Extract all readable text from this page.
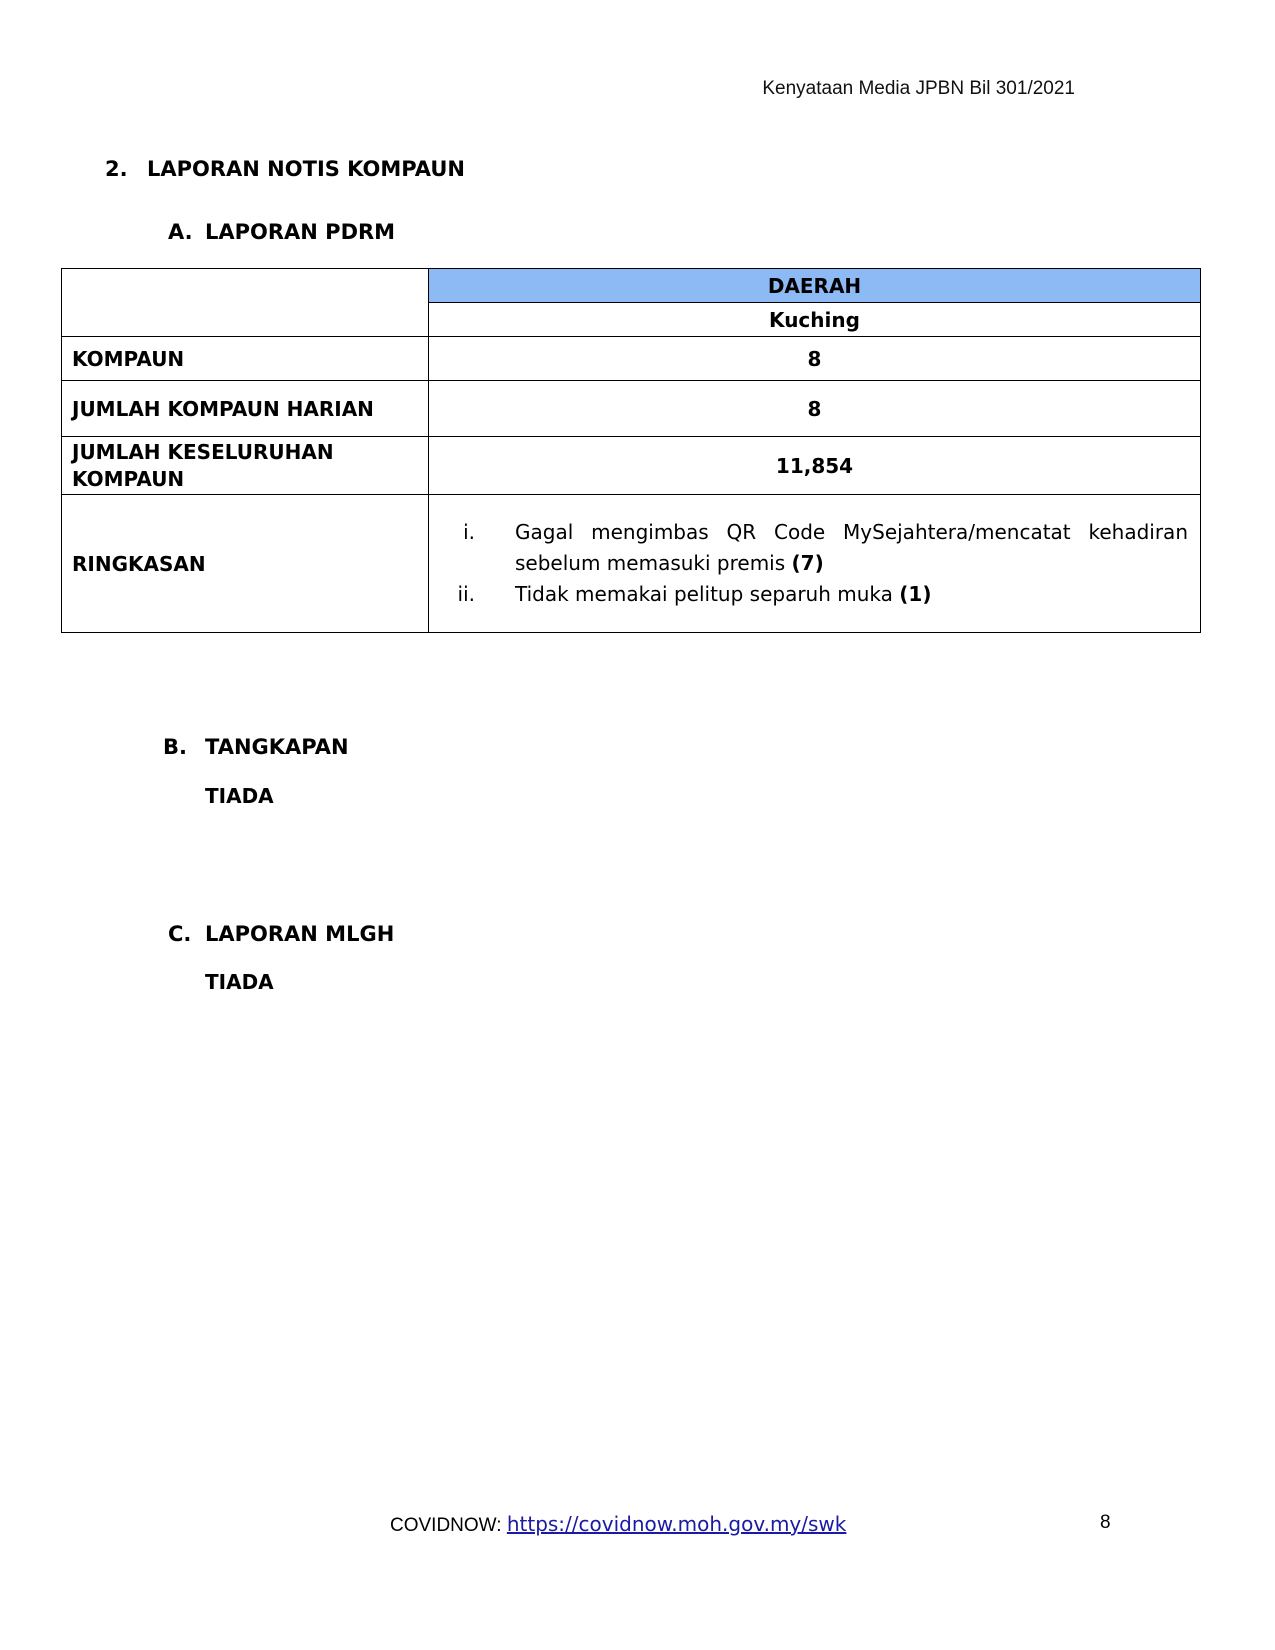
Kenyataan Media JPBN Bil 301/2021
2. LAPORAN NOTIS KOMPAUN
A. LAPORAN PDRM
	DAERAH
	Kuching
KOMPAUN	8
JUMLAH KOMPAUN HARIAN	8
JUMLAH KESELURUHAN KOMPAUN	11,854
RINGKASAN	i. Gagal mengimbas QR Code MySejahtera/mencatat kehadiran sebelum memasuki premis (7)
ii. Tidak memakai pelitup separuh muka (1)
B. TANGKAPAN
TIADA
C. LAPORAN MLGH
TIADA
COVIDNOW: https://covidnow.moh.gov.my/swk	8
